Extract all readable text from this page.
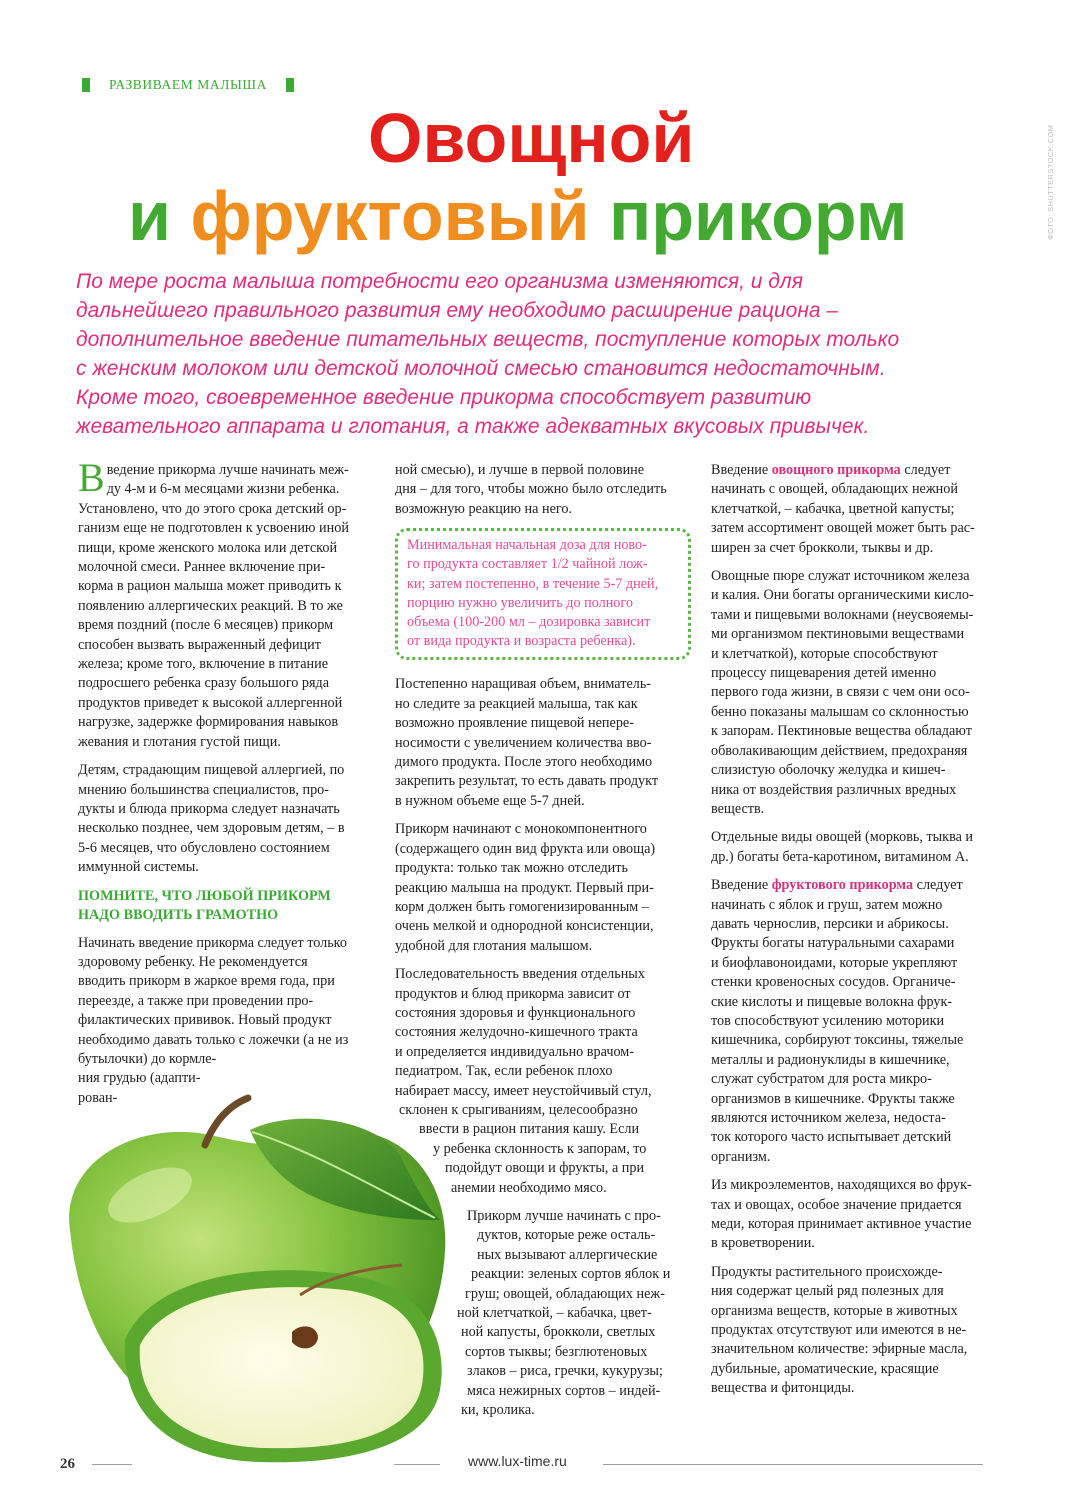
РАЗВИВАЕМ МАЛЫША
ФОТО: SHUTTERSTOCK.COM
Овощной
и фруктовый прикорм
По мере роста малыша потребности его организма изменяются, и для
дальнейшего правильного развития ему необходимо расширение рациона –
дополнительное введение питательных веществ, поступление которых только
с женским молоком или детской молочной смесью становится недостаточным.
Кроме того, своевременное введение прикорма способствует развитию
жевательного аппарата и глотания, а также адекватных вкусовых привычек.

В ведение прикорма лучше начинать меж-
ду 4-м и 6-м месяцами жизни ребенка.
Установлено, что до этого срока детский ор-
ганизм еще не подготовлен к усвоению иной
пищи, кроме женского молока или детской
молочной смеси. Раннее включение при-
корма в рацион малыша может приводить к
появлению аллергических реакций. В то же
время поздний (после 6 месяцев) прикорм
способен вызвать выраженный дефицит
железа; кроме того, включение в питание
подросшего ребенка сразу большого ряда
продуктов приведет к высокой аллергенной
нагрузке, задержке формирования навыков
жевания и глотания густой пищи.

Детям, страдающим пищевой аллергией, по
мнению большинства специалистов, про-
дукты и блюда прикорма следует назначать
несколько позднее, чем здоровым детям, – в
5-6 месяцев, что обусловлено состоянием
иммунной системы.

ПОМНИТЕ, ЧТО ЛЮБОЙ ПРИКОРМ
НАДО ВВОДИТЬ ГРАМОТНО

Начинать введение прикорма следует только
здоровому ребенку. Не рекомендуется
вводить прикорм в жаркое время года, при
переезде, а также при проведении про-
филактических прививок. Новый продукт
необходимо давать только с ложечки (а не из
бутылочки) до кормле-
ния грудью (адапти-
рован-

ной смесью), и лучше в первой половине
дня – для того, чтобы можно было отследить
возможную реакцию на него.

Минимальная начальная доза для ново-
го продукта составляет 1/2 чайной лож-
ки; затем постепенно, в течение 5-7 дней,
порцию нужно увеличить до полного
объема (100-200 мл – дозировка зависит
от вида продукта и возраста ребенка).

Постепенно наращивая объем, вниматель-
но следите за реакцией малыша, так как
возможно проявление пищевой неперe-
носимости с увеличением количества вво-
димого продукта. После этого необходимо
закрепить результат, то есть давать продукт
в нужном объеме еще 5-7 дней.

Прикорм начинают с монокомпонентного
(содержащего один вид фрукта или овоща)
продукта: только так можно отследить
реакцию малыша на продукт. Первый при-
корм должен быть гомогенизированным –
очень мелкой и однородной консистенции,
удобной для глотания малышом.

Последовательность введения отдельных
продуктов и блюд прикорма зависит от
состояния здоровья и функционального
состояния желудочно-кишечного тракта
и определяется индивидуально врачом-
педиатром. Так, если ребенок плохо
набирает массу, имеет неустойчивый стул,
склонен к срыгиваниям, целесообразно
ввести в рацион питания кашу. Если
у ребенка склонность к запорам, то
подойдут овощи и фрукты, а при
анемии необходимо мясо.

Прикорм лучше начинать с про-
дуктов, которые реже осталь-
ных вызывают аллергические
реакции: зеленых сортов яблок и
груш; овощей, обладающих неж-
ной клетчаткой, – кабачка, цвет-
ной капусты, брокколи, светлых
сортов тыквы; безглютеновых
злаков – риса, гречки, кукурузы;
мяса нежирных сортов – индей-
ки, кролика.

Введение овощного прикорма следует
начинать с овощей, обладающих нежной
клетчаткой, – кабачка, цветной капусты;
затем ассортимент овощей может быть рас-
ширен за счет брокколи, тыквы и др.

Овощные пюре служат источником железа
и калия. Они богаты органическими кисло-
тами и пищевыми волокнами (неусвояемы-
ми организмом пектиновыми веществами
и клетчаткой), которые способствуют
процессу пищеварения детей именно
первого года жизни, в связи с чем они осо-
бенно показаны малышам со склонностью
к запорам. Пектиновые вещества обладают
обволакивающим действием, предохраняя
слизистую оболочку желудка и кишеч-
ника от воздействия различных вредных
веществ.

Отдельные виды овощей (морковь, тыква и
др.) богаты бета-каротином, витамином А.

Введение фруктового прикорма следует
начинать с яблок и груш, затем можно
давать чернослив, персики и абрикосы.
Фрукты богаты натуральными сахарами
и биофлавоноидами, которые укрепляют
стенки кровеносных сосудов. Органиче-
ские кислоты и пищевые волокна фрук-
тов способствуют усилению моторики
кишечника, сорбируют токсины, тяжелые
металлы и радионуклиды в кишечнике,
служат субстратом для роста микро-
организмов в кишечнике. Фрукты также
являются источником железа, недоста-
ток которого часто испытывает детский
организм.

Из микроэлементов, находящихся во фрук-
тах и овощах, особое значение придается
меди, которая принимает активное участие
в кроветворении.

Продукты растительного происхожде-
ния содержат целый ряд полезных для
организма веществ, которые в животных
продуктах отсутствуют или имеются в не-
значительном количестве: эфирные масла,
дубильные, ароматические, красящие
вещества и фитонциды.

26	www.lux-time.ru
